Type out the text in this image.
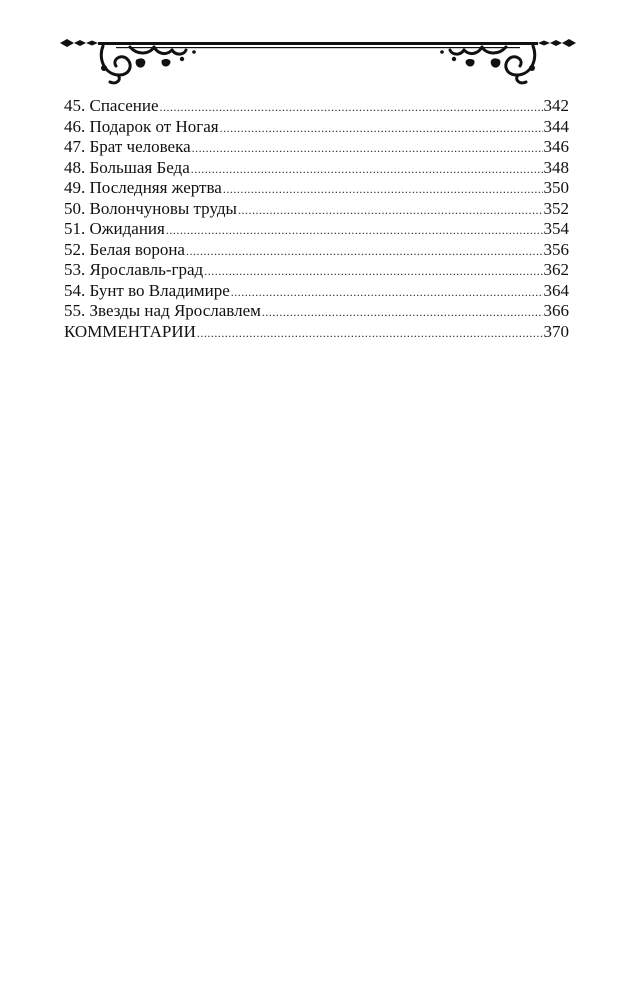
45. Спасение .....	342
46. Подарок от Ногая .....	344
47. Брат человека .....	346
48. Большая Беда .....	348
49. Последняя жертва .....	350
50. Волончуновы труды .....	352
51. Ожидания .....	354
52. Белая ворона .....	356
53. Ярославль-град .....	362
54. Бунт во Владимире .....	364
55. Звезды над Ярославлем .....	366
КОММЕНТАРИИ .....	370
